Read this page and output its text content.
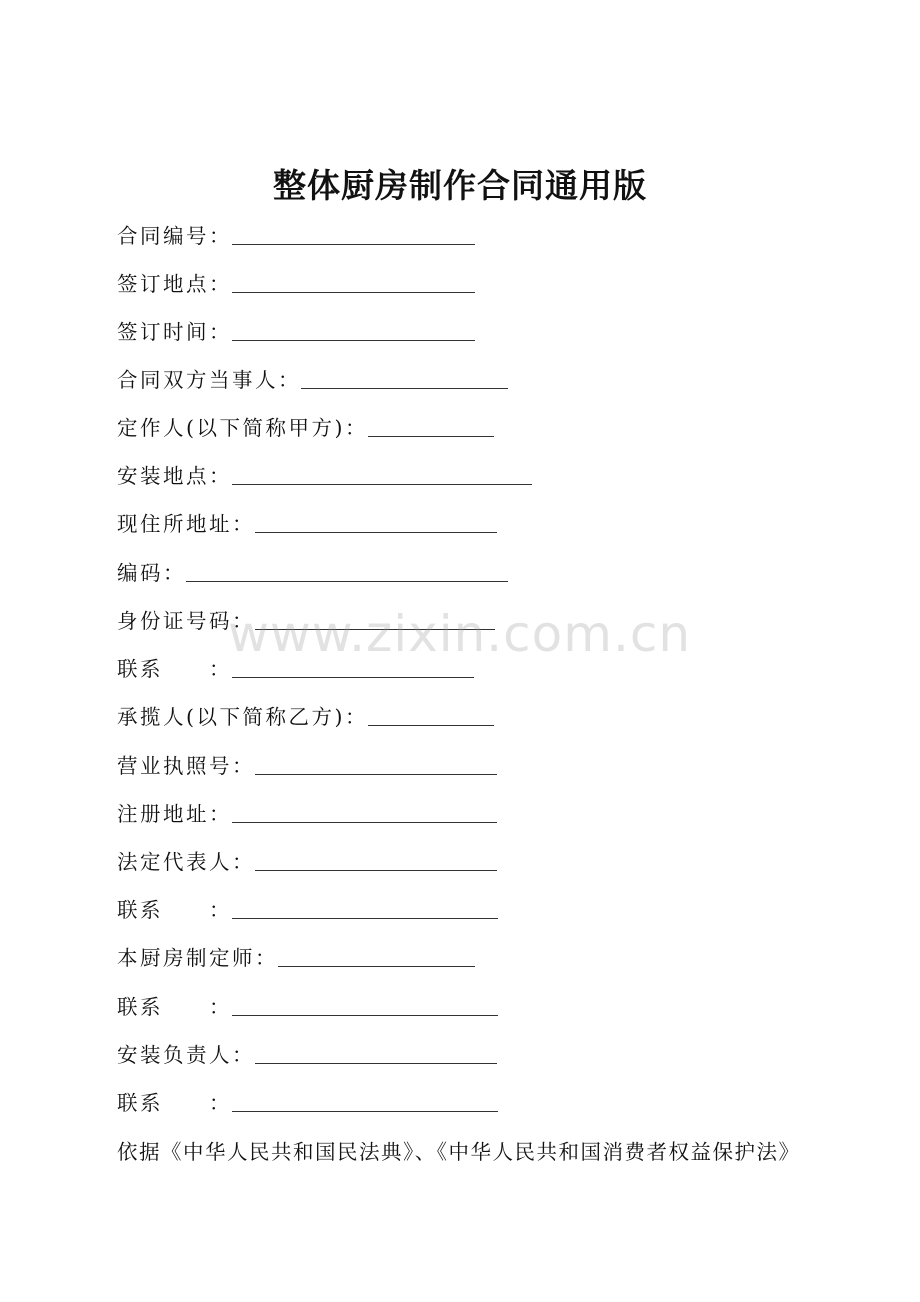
整体厨房制作合同通用版
合同编号：
签订地点：
签订时间：
合同双方当事人：
定作人(以下简称甲方)：
安装地点：
现住所地址：
编码：
身份证号码：
联系　　：
承揽人(以下简称乙方)：
营业执照号：
注册地址：
法定代表人：
联系　　：
本厨房制定师：
联系　　：
安装负责人：
联系　　：
依据《中华人民共和国民法典》、《中华人民共和国消费者权益保护法》
www.zixin.com.cn
